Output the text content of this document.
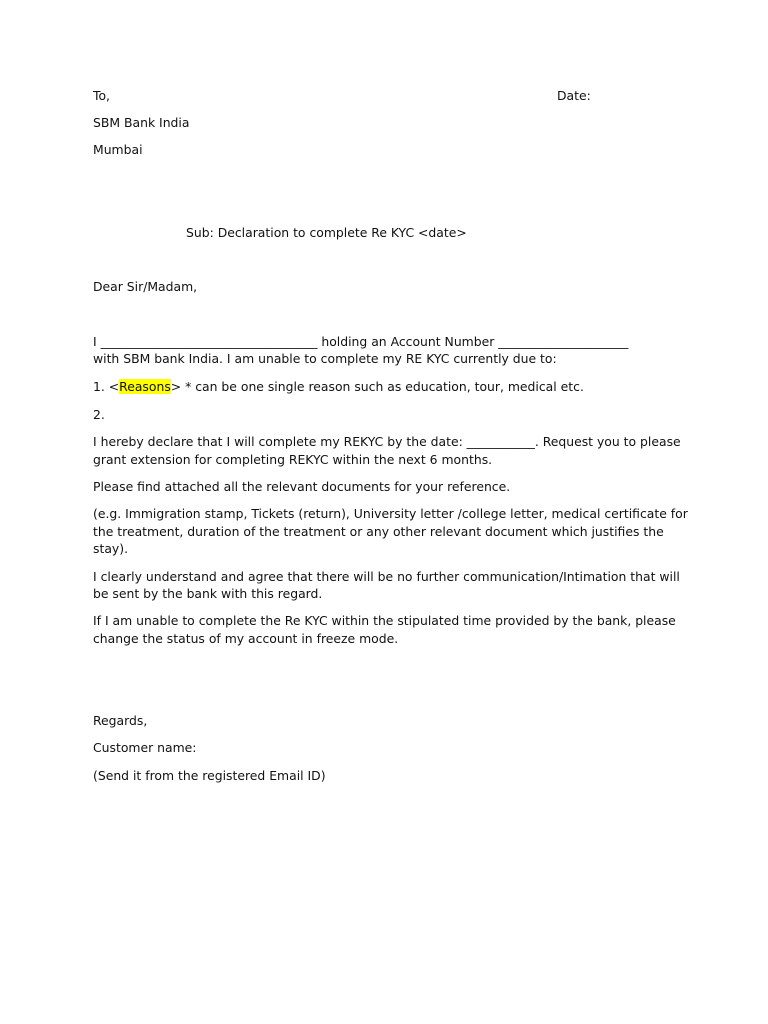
To,	Date:
SBM Bank India
Mumbai
Sub: Declaration to complete Re KYC <date>
Dear Sir/Madam,
I ___________________________________ holding an Account Number _____________________
with SBM bank India. I am unable to complete my RE KYC currently due to:
1. <Reasons> * can be one single reason such as education, tour, medical etc.
2.
I hereby declare that I will complete my REKYC by the date: ___________. Request you to please
grant extension for completing REKYC within the next 6 months.
Please find attached all the relevant documents for your reference.
(e.g. Immigration stamp, Tickets (return), University letter /college letter, medical certificate for
the treatment, duration of the treatment or any other relevant document which justifies the
stay).
I clearly understand and agree that there will be no further communication/Intimation that will
be sent by the bank with this regard.
If I am unable to complete the Re KYC within the stipulated time provided by the bank, please
change the status of my account in freeze mode.
Regards,
Customer name:
(Send it from the registered Email ID)
